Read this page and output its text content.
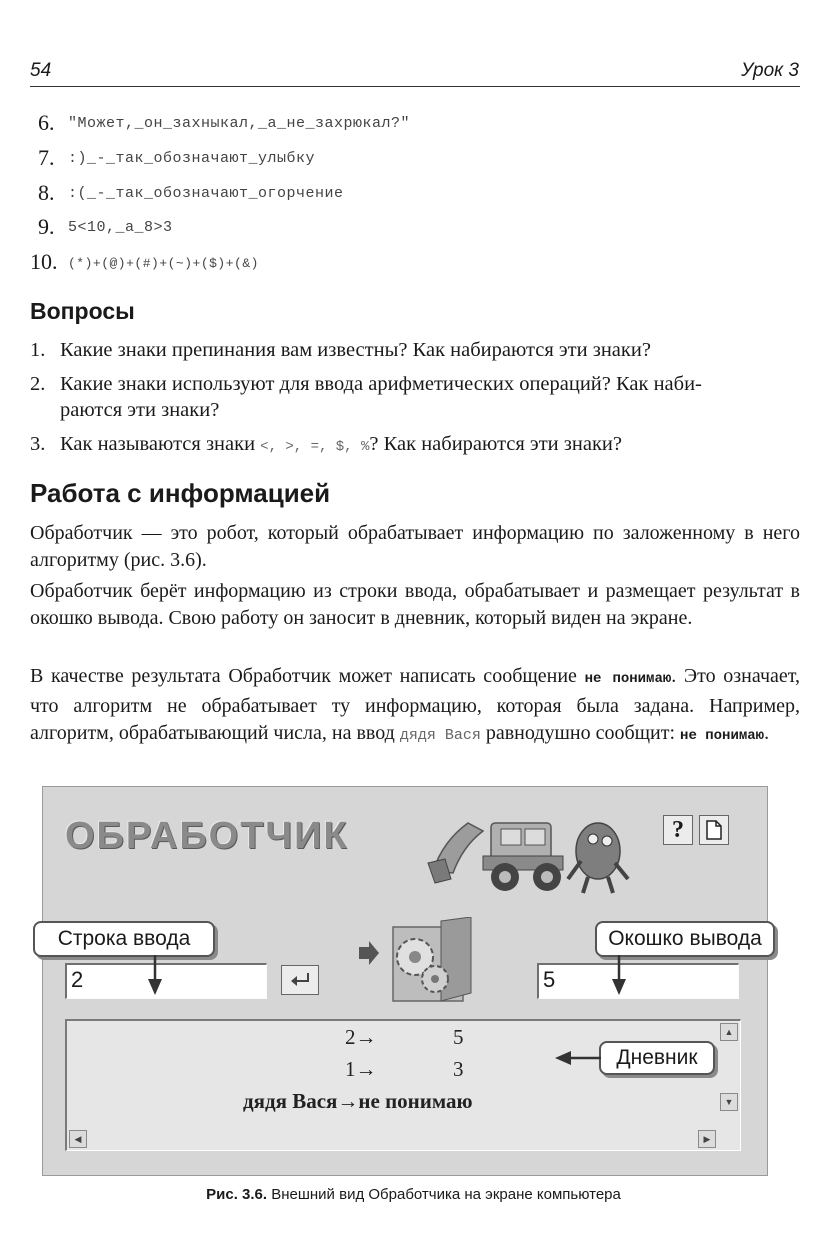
54	Урок 3
6. "Может,_он_захныкал,_а_не_захрюкал?"
7. :)_-_так_обозначают_улыбку
8. :(_-_так_обозначают_огорчение
9. 5<10,_а_8>3
10. (*)+(@)+(#)+(~)+($)+(&)
Вопросы
1. Какие знаки препинания вам известны? Как набираются эти знаки?
2. Какие знаки используют для ввода арифметических операций? Как наби-
раются эти знаки?
3. Как называются знаки <, >, =, $, %? Как набираются эти знаки?
Работа с информацией
Обработчик — это робот, который обрабатывает информацию по заложенному в него алгоритму (рис. 3.6).
Обработчик берёт информацию из строки ввода, обрабатывает и размещает результат в окошко вывода. Свою работу он заносит в дневник, который виден на экране.
В качестве результата Обработчик может написать сообщение не понимаю. Это означает, что алгоритм не обрабатывает ту информацию, которая была задана. Например, алгоритм, обрабатывающий числа, на ввод дядя Вася равнодушно сообщит: не понимаю.
ОБРАБОТЧИК	?
Строка ввода
2
Окошко вывода
5
2→	5
1→	3
дядя Вася→не понимаю
▲
▼
◀	▶
Дневник
Рис. 3.6. Внешний вид Обработчика на экране компьютера
